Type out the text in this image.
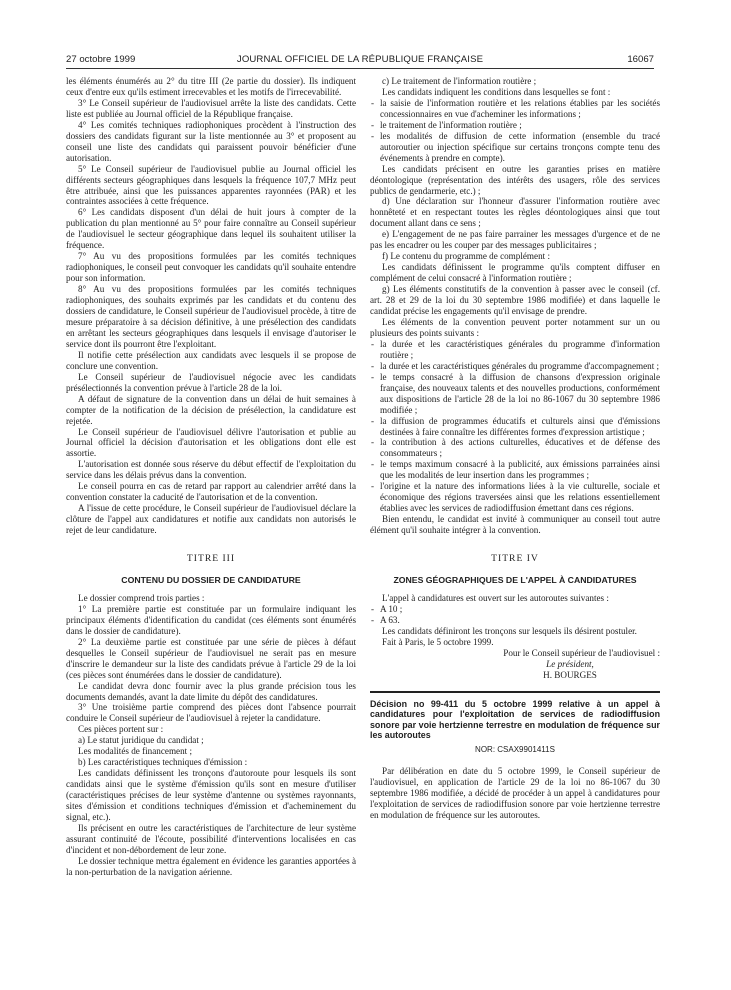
27 octobre 1999	JOURNAL OFFICIEL DE LA RÉPUBLIQUE FRANÇAISE	16067

les éléments énumérés au 2° du titre III (2e partie du dossier). Ils indiquent ceux d'entre eux qu'ils estiment irrecevables et les motifs de l'irrecevabilité.

3° Le Conseil supérieur de l'audiovisuel arrête la liste des candidats. Cette liste est publiée au Journal officiel de la République française.

4° Les comités techniques radiophoniques procèdent à l'instruction des dossiers des candidats figurant sur la liste mentionnée au 3° et proposent au conseil une liste des candidats qui paraissent pouvoir bénéficier d'une autorisation.

5° Le Conseil supérieur de l'audiovisuel publie au Journal officiel les différents secteurs géographiques dans lesquels la fréquence 107,7 MHz peut être attribuée, ainsi que les puissances apparentes rayonnées (PAR) et les contraintes associées à cette fréquence.

6° Les candidats disposent d'un délai de huit jours à compter de la publication du plan mentionné au 5° pour faire connaître au Conseil supérieur de l'audiovisuel le secteur géographique dans lequel ils souhaitent utiliser la fréquence.

7° Au vu des propositions formulées par les comités techniques radiophoniques, le conseil peut convoquer les candidats qu'il souhaite entendre pour son information.

8° Au vu des propositions formulées par les comités techniques radiophoniques, des souhaits exprimés par les candidats et du contenu des dossiers de candidature, le Conseil supérieur de l'audiovisuel procède, à titre de mesure préparatoire à sa décision définitive, à une présélection des candidats en arrêtant les secteurs géographiques dans lesquels il envisage d'autoriser le service dont ils pourront être l'exploitant.

Il notifie cette présélection aux candidats avec lesquels il se propose de conclure une convention.

Le Conseil supérieur de l'audiovisuel négocie avec les candidats présélectionnés la convention prévue à l'article 28 de la loi.

A défaut de signature de la convention dans un délai de huit semaines à compter de la notification de la décision de présélection, la candidature est rejetée.

Le Conseil supérieur de l'audiovisuel délivre l'autorisation et publie au Journal officiel la décision d'autorisation et les obligations dont elle est assortie.

L'autorisation est donnée sous réserve du début effectif de l'exploitation du service dans les délais prévus dans la convention.

Le conseil pourra en cas de retard par rapport au calendrier arrêté dans la convention constater la caducité de l'autorisation et de la convention.

A l'issue de cette procédure, le Conseil supérieur de l'audiovisuel déclare la clôture de l'appel aux candidatures et notifie aux candidats non autorisés le rejet de leur candidature.

TITRE III

CONTENU DU DOSSIER DE CANDIDATURE

Le dossier comprend trois parties :

1° La première partie est constituée par un formulaire indiquant les principaux éléments d'identification du candidat (ces éléments sont énumérés dans le dossier de candidature).

2° La deuxième partie est constituée par une série de pièces à défaut desquelles le Conseil supérieur de l'audiovisuel ne serait pas en mesure d'inscrire le demandeur sur la liste des candidats prévue à l'article 29 de la loi (ces pièces sont énumérées dans le dossier de candidature).

Le candidat devra donc fournir avec la plus grande précision tous les documents demandés, avant la date limite du dépôt des candidatures.

3° Une troisième partie comprend des pièces dont l'absence pourrait conduire le Conseil supérieur de l'audiovisuel à rejeter la candidature.

Ces pièces portent sur :

a) Le statut juridique du candidat ;

Les modalités de financement ;

b) Les caractéristiques techniques d'émission :

Les candidats définissent les tronçons d'autoroute pour lesquels ils sont candidats ainsi que le système d'émission qu'ils sont en mesure d'utiliser (caractéristiques précises de leur système d'antenne ou systèmes rayonnants, sites d'émission et conditions techniques d'émission et d'acheminement du signal, etc.).

Ils précisent en outre les caractéristiques de l'architecture de leur système assurant continuité de l'écoute, possibilité d'interventions localisées en cas d'incident et non-débordement de leur zone.

Le dossier technique mettra également en évidence les garanties apportées à la non-perturbation de la navigation aérienne.

c) Le traitement de l'information routière ;

Les candidats indiquent les conditions dans lesquelles se font :

- la saisie de l'information routière et les relations établies par les sociétés concessionnaires en vue d'acheminer les informations ;
- le traitement de l'information routière ;
- les modalités de diffusion de cette information (ensemble du tracé autoroutier ou injection spécifique sur certains tronçons compte tenu des événements à prendre en compte).

Les candidats précisent en outre les garanties prises en matière déontologique (représentation des intérêts des usagers, rôle des services publics de gendarmerie, etc.) ;

d) Une déclaration sur l'honneur d'assurer l'information routière avec honnêteté et en respectant toutes les règles déontologiques ainsi que tout document allant dans ce sens ;

e) L'engagement de ne pas faire parrainer les messages d'urgence et de ne pas les encadrer ou les couper par des messages publicitaires ;

f) Le contenu du programme de complément :

Les candidats définissent le programme qu'ils comptent diffuser en complément de celui consacré à l'information routière ;

g) Les éléments constitutifs de la convention à passer avec le conseil (cf. art. 28 et 29 de la loi du 30 septembre 1986 modifiée) et dans laquelle le candidat précise les engagements qu'il envisage de prendre.

Les éléments de la convention peuvent porter notamment sur un ou plusieurs des points suivants :

- la durée et les caractéristiques générales du programme d'information routière ;
- la durée et les caractéristiques générales du programme d'accompagnement ;
- le temps consacré à la diffusion de chansons d'expression originale française, des nouveaux talents et des nouvelles productions, conformément aux dispositions de l'article 28 de la loi no 86-1067 du 30 septembre 1986 modifiée ;
- la diffusion de programmes éducatifs et culturels ainsi que d'émissions destinées à faire connaître les différentes formes d'expression artistique ;
- la contribution à des actions culturelles, éducatives et de défense des consommateurs ;
- le temps maximum consacré à la publicité, aux émissions parrainées ainsi que les modalités de leur insertion dans les programmes ;
- l'origine et la nature des informations liées à la vie culturelle, sociale et économique des régions traversées ainsi que les relations essentiellement établies avec les services de radiodiffusion émettant dans ces régions.

Bien entendu, le candidat est invité à communiquer au conseil tout autre élément qu'il souhaite intégrer à la convention.

TITRE IV

ZONES GÉOGRAPHIQUES DE L'APPEL À CANDIDATURES

L'appel à candidatures est ouvert sur les autoroutes suivantes :

- A 10 ;
- A 63.

Les candidats définiront les tronçons sur lesquels ils désirent postuler.

Fait à Paris, le 5 octobre 1999.

Pour le Conseil supérieur de l'audiovisuel :

Le président,

H. BOURGES

Décision no 99-411 du 5 octobre 1999 relative à un appel à candidatures pour l'exploitation de services de radiodiffusion sonore par voie hertzienne terrestre en modulation de fréquence sur les autoroutes

NOR: CSAX9901411S

Par délibération en date du 5 octobre 1999, le Conseil supérieur de l'audiovisuel, en application de l'article 29 de la loi no 86-1067 du 30 septembre 1986 modifiée, a décidé de procéder à un appel à candidatures pour l'exploitation de services de radiodiffusion sonore par voie hertzienne terrestre en modulation de fréquence sur les autoroutes.
